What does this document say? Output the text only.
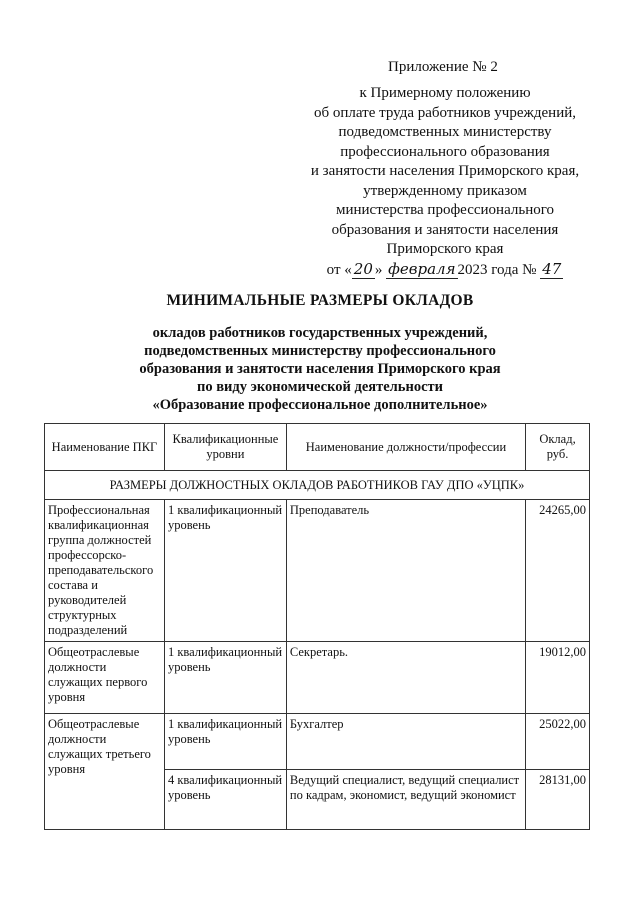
Приложение № 2
к Примерному положению
об оплате труда работников учреждений,
подведомственных министерству
профессионального образования
и занятости населения Приморского края,
утвержденному приказом
министерства профессионального
образования и занятости населения
Приморского края
от « 20 » февраля 2023 года № 47
МИНИМАЛЬНЫЕ РАЗМЕРЫ ОКЛАДОВ
окладов работников государственных учреждений,
подведомственных министерству профессионального
образования и занятости населения Приморского края
по виду экономической деятельности
«Образование профессиональное дополнительное»
Наименование ПКГ	Квалификационные уровни	Наименование должности/профессии	Оклад, руб.
РАЗМЕРЫ ДОЛЖНОСТНЫХ ОКЛАДОВ РАБОТНИКОВ ГАУ ДПО «УЦПК»			
Профессиональная квалификационная группа должностей профессорско-преподавательского состава и руководителей структурных подразделений	1 квалификационный уровень	Преподаватель	24265,00
Общеотраслевые должности служащих первого уровня	1 квалификационный уровень	Секретарь.	19012,00
Общеотраслевые должности служащих третьего уровня	1 квалификационный уровень	Бухгалтер	25022,00
	4 квалификационный уровень	Ведущий специалист, ведущий специалист по кадрам, экономист, ведущий экономист	28131,00
